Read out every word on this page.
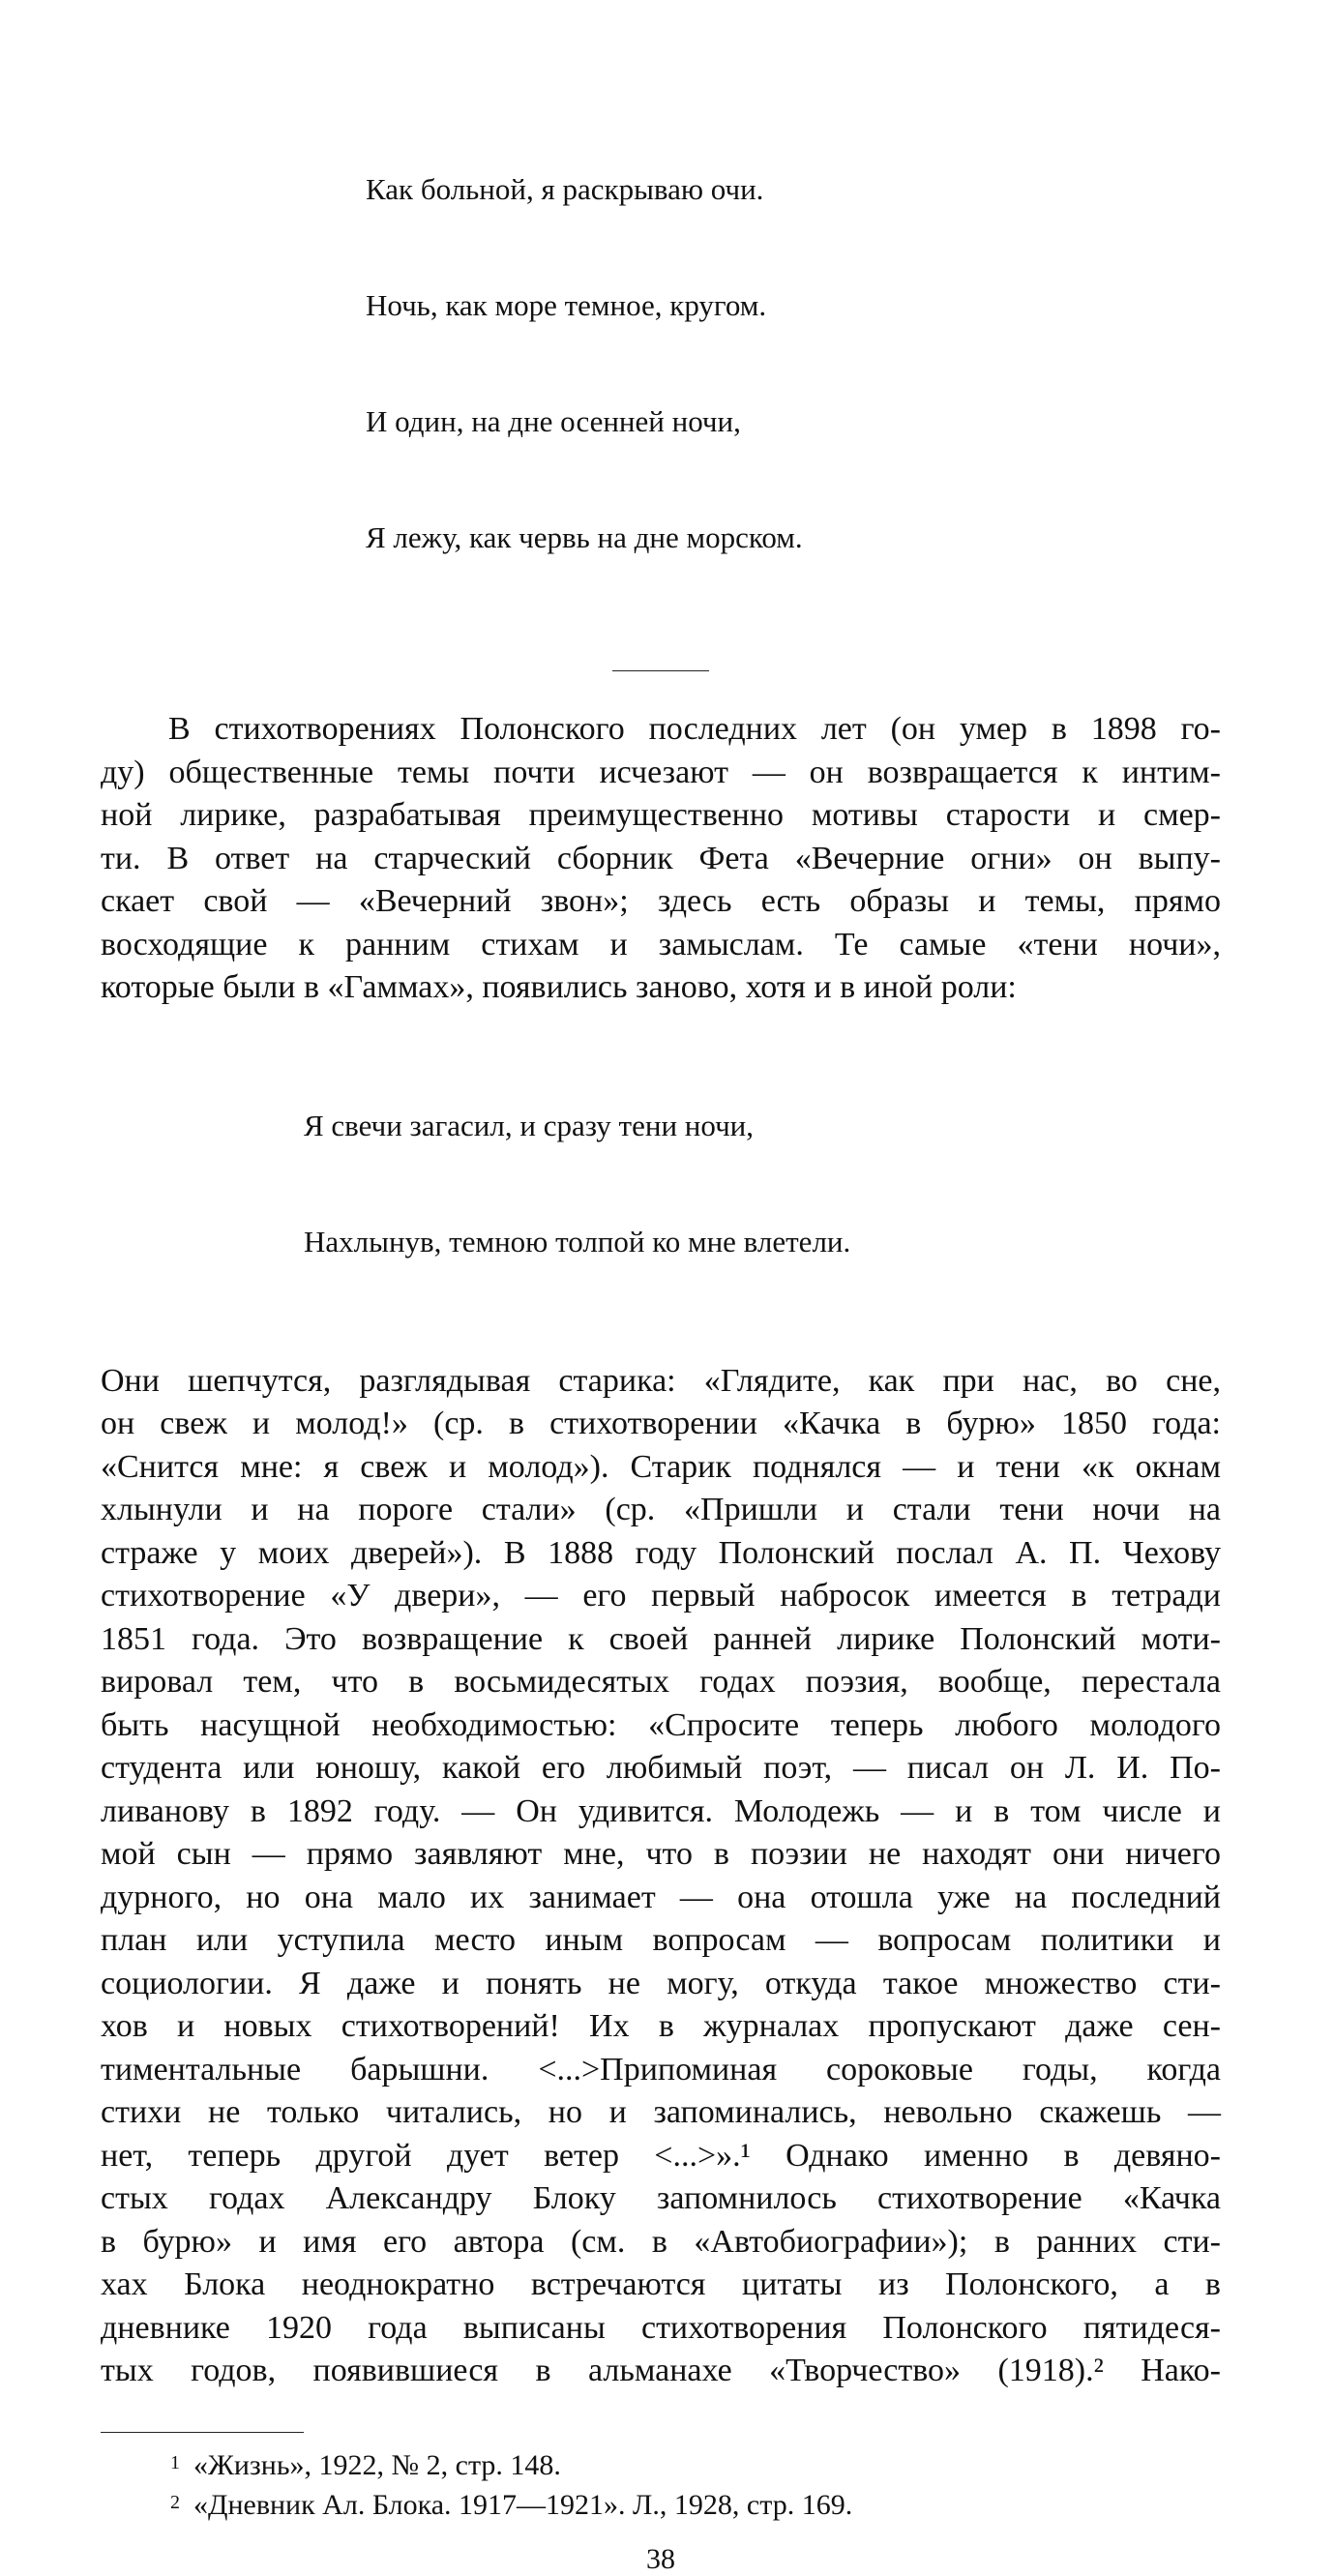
Как больной, я раскрываю очи.

Ночь, как море темное, кругом.

И один, на дне осенней ночи,

Я лежу, как червь на дне морском.

В стихотворениях Полонского последних лет (он умер в 1898 го-
ду) общественные темы почти исчезают — он возвращается к интим-
ной лирике, разрабатывая преимущественно мотивы старости и смер-
ти. В ответ на старческий сборник Фета «Вечерние огни» он выпу-
скает свой — «Вечерний звон»; здесь есть образы и темы, прямо
восходящие к ранним стихам и замыслам. Те самые «тени ночи»,
которые были в «Гаммах», появились заново, хотя и в иной роли:

Я свечи загасил, и сразу тени ночи,

Нахлынув, темною толпой ко мне влетели.

Они шепчутся, разглядывая старика: «Глядите, как при нас, во сне,
он свеж и молод!» (ср. в стихотворении «Качка в бурю» 1850 года:
«Снится мне: я свеж и молод»). Старик поднялся — и тени «к окнам
хлынули и на пороге стали» (ср. «Пришли и стали тени ночи на
страже у моих дверей»). В 1888 году Полонский послал А. П. Чехову
стихотворение «У двери», — его первый набросок имеется в тетради
1851 года. Это возвращение к своей ранней лирике Полонский моти-
вировал тем, что в восьмидесятых годах поэзия, вообще, перестала
быть насущной необходимостью: «Спросите теперь любого молодого
студента или юношу, какой его любимый поэт, — писал он Л. И. По-
ливанову в 1892 году. — Он удивится. Молодежь — и в том числе и
мой сын — прямо заявляют мне, что в поэзии не находят они ничего
дурного, но она мало их занимает — она отошла уже на последний
план или уступила место иным вопросам — вопросам политики и
социологии. Я даже и понять не могу, откуда такое множество сти-
хов и новых стихотворений! Их в журналах пропускают даже сен-
тиментальные барышни. <...>Припоминая сороковые годы, когда
стихи не только читались, но и запоминались, невольно скажешь —
нет, теперь другой дует ветер <...>».¹ Однако именно в девяно-
стых годах Александру Блоку запомнилось стихотворение «Качка
в бурю» и имя его автора (см. в «Автобиографии»); в ранних сти-
хах Блока неоднократно встречаются цитаты из Полонского, а в
дневнике 1920 года выписаны стихотворения Полонского пятидеся-
тых годов, появившиеся в альманахе «Творчество» (1918).² Нако-
1 «Жизнь», 1922, № 2, стр. 148.
2 «Дневник Ал. Блока. 1917—1921». Л., 1928, стр. 169.
38
